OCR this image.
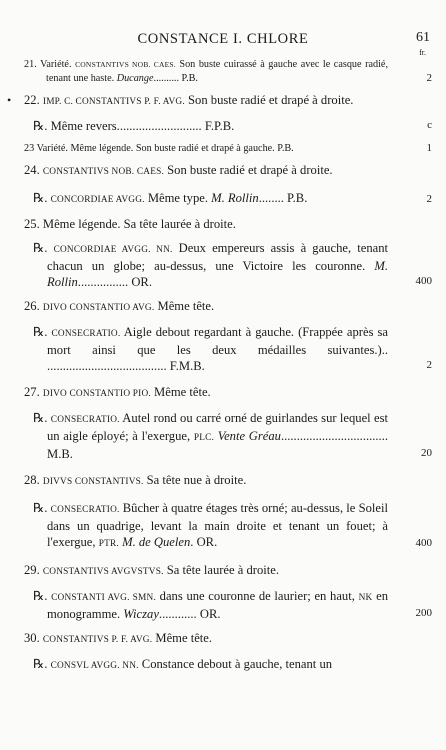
CONSTANCE I. CHLORE	61
fr.
21. Variété. CONSTANTIVS NOB. CAES. Son buste cuirassé à gauche avec le casque radié, tenant une haste. Ducange.......... P.B.	2
• 22. IMP. C. CONSTANTIVS P. F. AVG. Son buste radié et drapé à droite.
℞. Même revers........................... F.P.B.	c
23 Variété. Même légende. Son buste radié et drapé à gauche. P.B.	1
24. CONSTANTIVS NOB. CAES. Son buste radié et drapé à droite.
℞. CONCORDIAE AVGG. Même type. M. Rollin........ P.B.	2
25. Même légende. Sa tête laurée à droite.
℞. CONCORDIAE AVGG. NN. Deux empereurs assis à gauche, tenant chacun un globe; au-dessus, une Victoire les couronne. M. Rollin................ OR.	400
26. DIVO CONSTANTIO AVG. Même tête.
℞. CONSECRATIO. Aigle debout regardant à gauche. (Frappée après sa mort ainsi que les deux médailles suivantes.).. ...................................... F.M.B.	2
27. DIVO CONSTANTIO PIO. Même tête.
℞. CONSECRATIO. Autel rond ou carré orné de guirlandes sur lequel est un aigle éployé; à l'exergue, PLC. Vente Gréau.................................. M.B.	20
28. DIVVS CONSTANTIVS. Sa tête nue à droite.
℞. CONSECRATIO. Bûcher à quatre étages très orné; au-dessus, le Soleil dans un quadrige, levant la main droite et tenant un fouet; à l'exergue, PTR. M. de Quelen. OR.	400
29. CONSTANTIVS AVGVSTVS. Sa tête laurée à droite.
℞. CONSTANTI AVG. SMN. dans une couronne de laurier; en haut, NK en monogramme. Wiczay............ OR.	200
30. CONSTANTIVS P. F. AVG. Même tête.
℞. CONSVL AVGG. NN. Constance debout à gauche, tenant un
